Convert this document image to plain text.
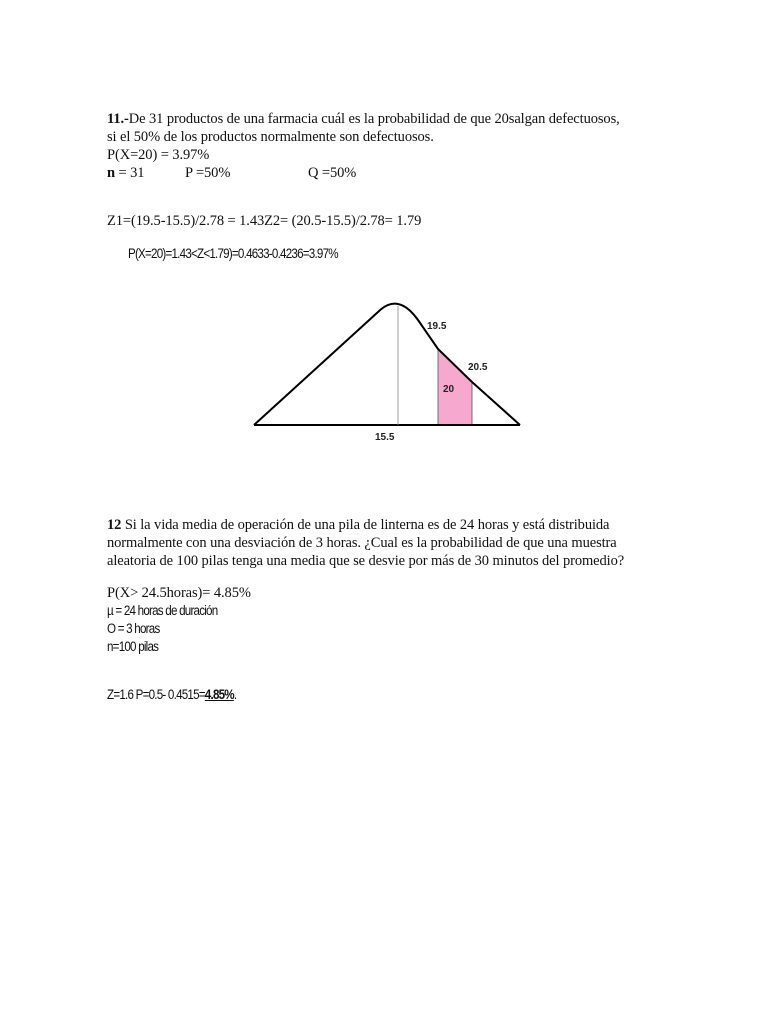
11.-De 31 productos de una farmacia cuál es la probabilidad de que 20salgan defectuosos,
si el 50% de los productos normalmente son defectuosos.
P(X=20) = 3.97%
n = 31	P =50%	Q =50%
Z1=(19.5-15.5)/2.78 = 1.43Z2= (20.5-15.5)/2.78= 1.79
P(X=20)=1.43<Z<1.79)=0.4633-0.4236=3.97%
19.5
20.5
20
15.5
12 Si la vida media de operación de una pila de linterna es de 24 horas y está distribuida
normalmente con una desviación de 3 horas. ¿Cual es la probabilidad de que una muestra
aleatoria de 100 pilas tenga una media que se desvie por más de 30 minutos del promedio?
P(X> 24.5horas)= 4.85%
µ = 24 horas de duración
O = 3 horas
n=100 pilas
Z=1.6 P=0.5- 0.4515=4.85%.
